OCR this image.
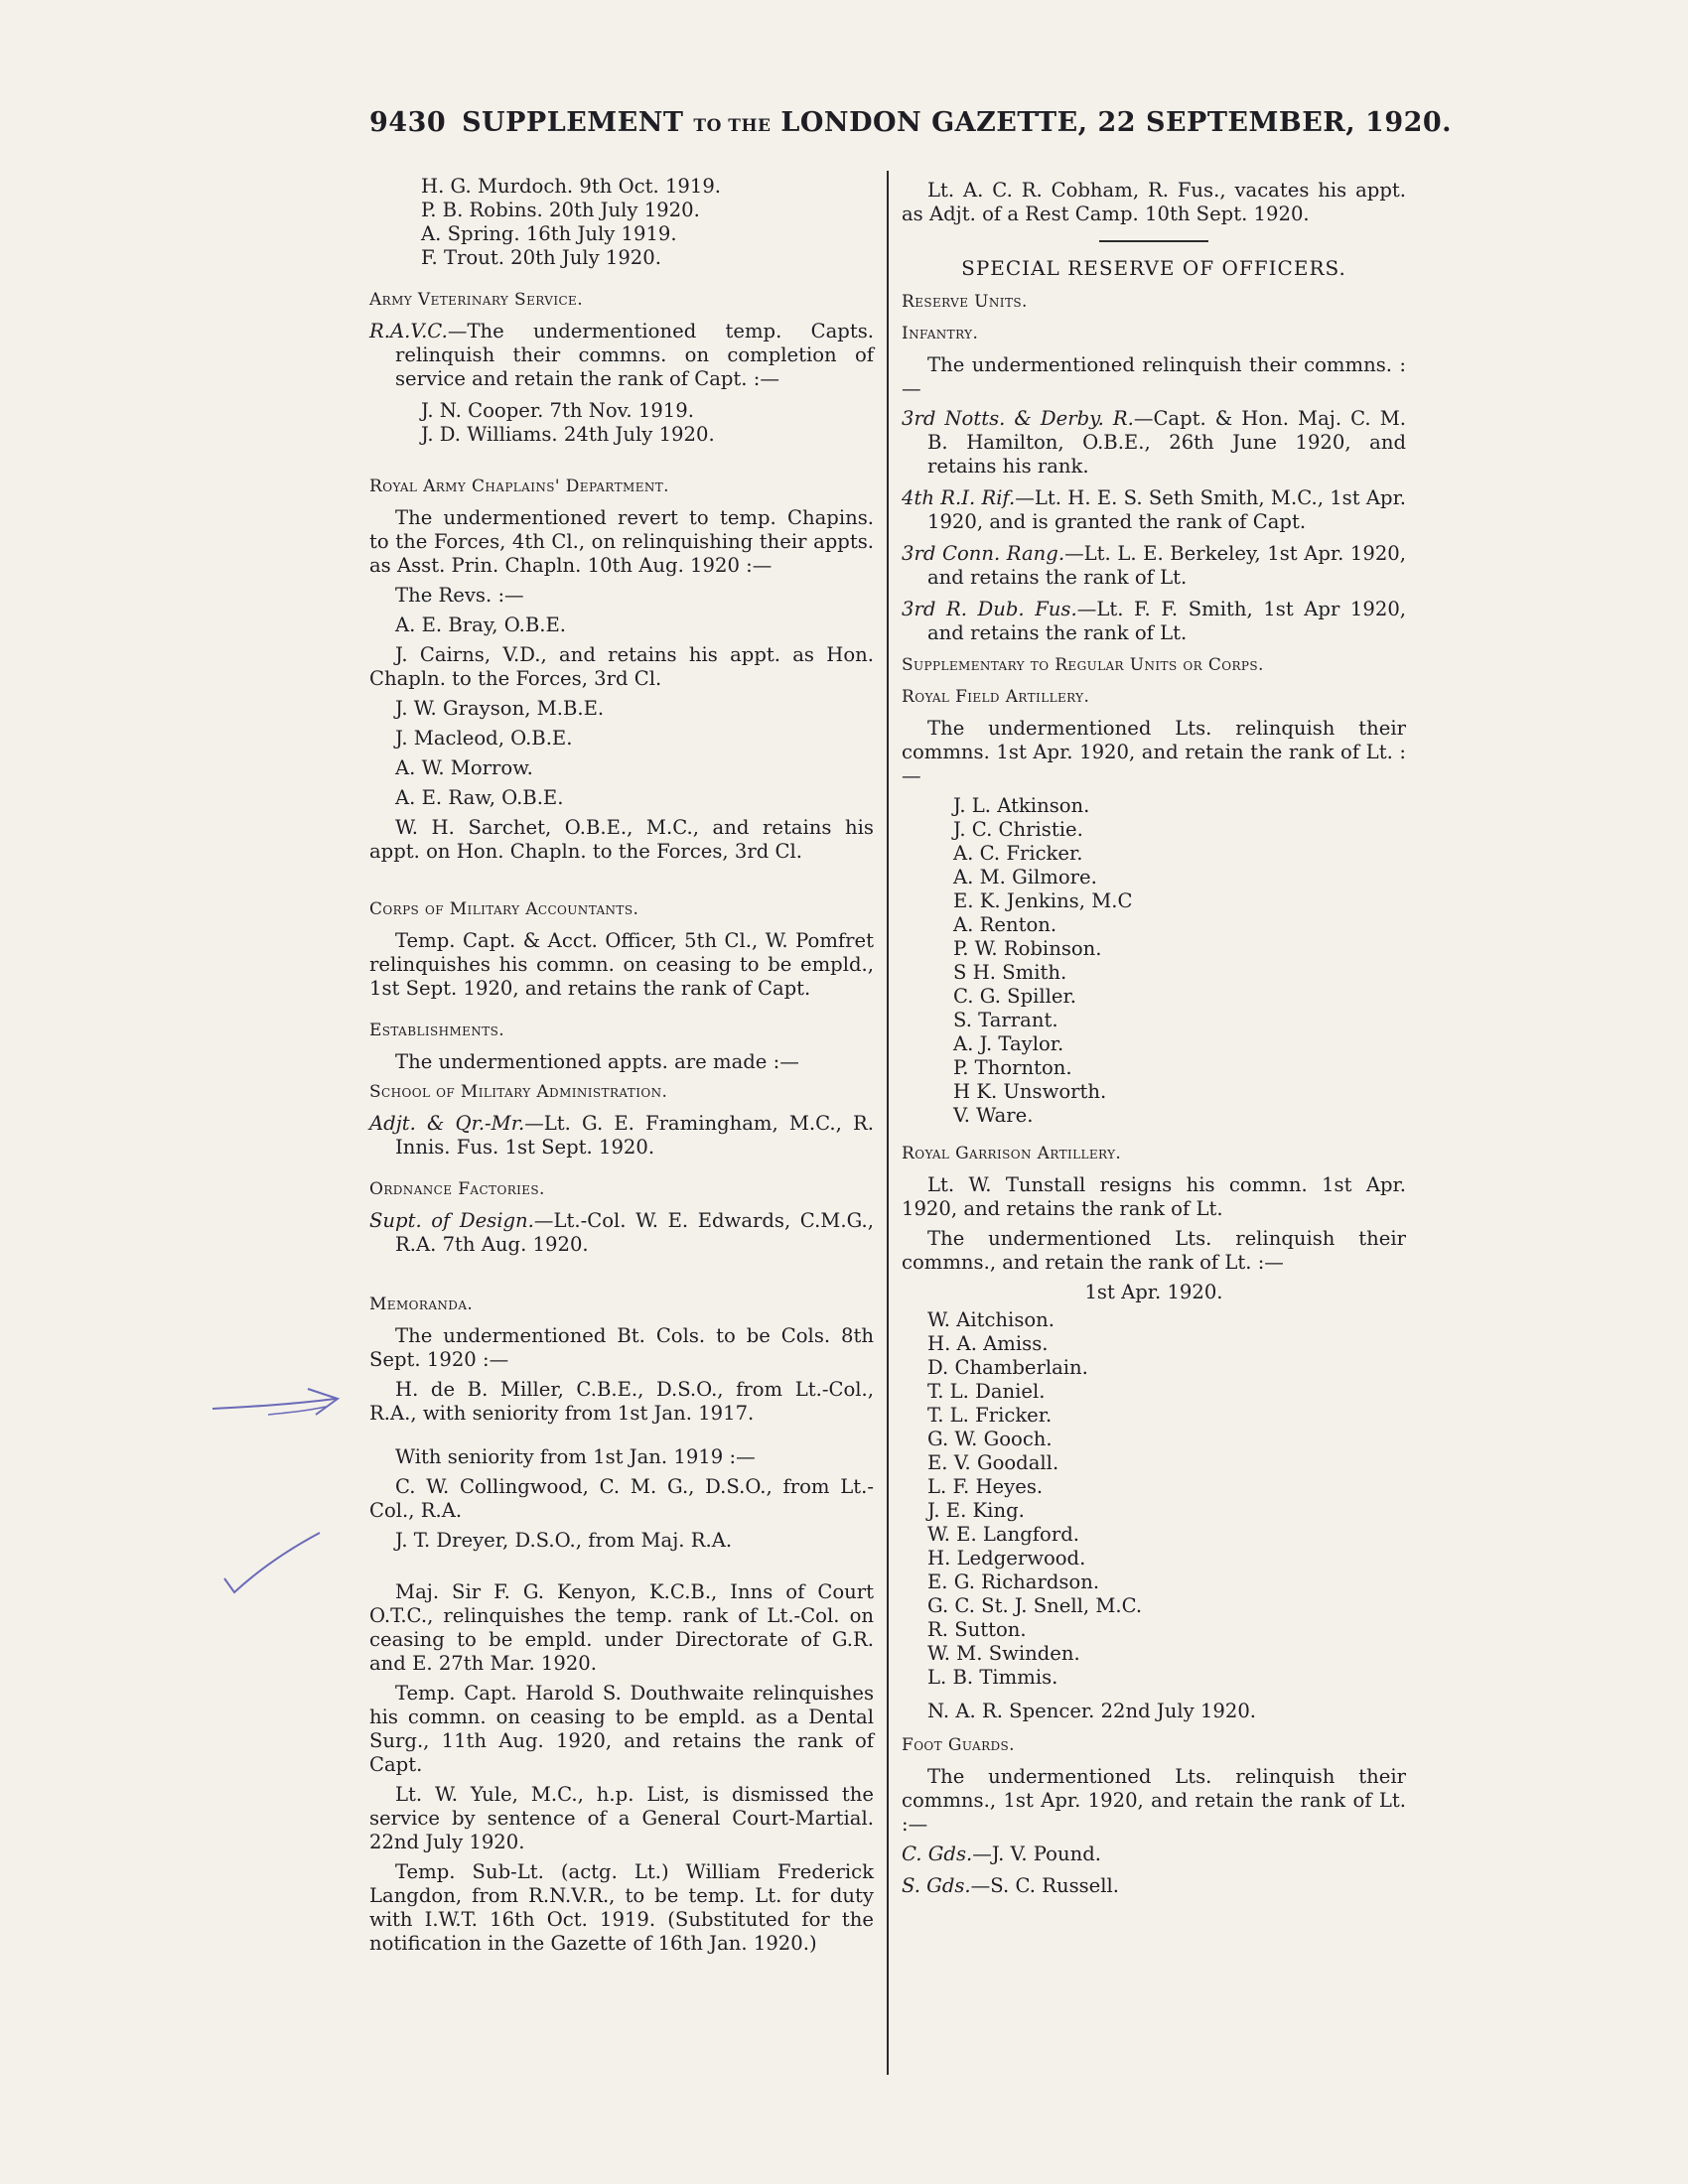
9430 SUPPLEMENT TO THE LONDON GAZETTE, 22 SEPTEMBER, 1920.
H. G. Murdoch. 9th Oct. 1919.
P. B. Robins. 20th July 1920.
A. Spring. 16th July 1919.
F. Trout. 20th July 1920.
Army Veterinary Service.
R.A.V.C.—The undermentioned temp. Capts. relinquish their commns. on completion of service and retain the rank of Capt. :—
J. N. Cooper. 7th Nov. 1919.
J. D. Williams. 24th July 1920.
Royal Army Chaplains' Department.
The undermentioned revert to temp. Chapins. to the Forces, 4th Cl., on relinquishing their appts. as Asst. Prin. Chapln. 10th Aug. 1920 :—
The Revs. :—
A. E. Bray, O.B.E.
J. Cairns, V.D., and retains his appt. as Hon. Chapln. to the Forces, 3rd Cl.
J. W. Grayson, M.B.E.
J. Macleod, O.B.E.
A. W. Morrow.
A. E. Raw, O.B.E.
W. H. Sarchet, O.B.E., M.C., and retains his appt. on Hon. Chapln. to the Forces, 3rd Cl.
Corps of Military Accountants.
Temp. Capt. & Acct. Officer, 5th Cl., W. Pomfret relinquishes his commn. on ceasing to be empld., 1st Sept. 1920, and retains the rank of Capt.
Establishments.
The undermentioned appts. are made :—
School of Military Administration.
Adjt. & Qr.-Mr.—Lt. G. E. Framingham, M.C., R. Innis. Fus. 1st Sept. 1920.
Ordnance Factories.
Supt. of Design.—Lt.-Col. W. E. Edwards, C.M.G., R.A. 7th Aug. 1920.
Memoranda.
The undermentioned Bt. Cols. to be Cols. 8th Sept. 1920 :—
H. de B. Miller, C.B.E., D.S.O., from Lt.-Col., R.A., with seniority from 1st Jan. 1917.
With seniority from 1st Jan. 1919 :—
C. W. Collingwood, C. M. G., D.S.O., from Lt.-Col., R.A.
J. T. Dreyer, D.S.O., from Maj. R.A.
Maj. Sir F. G. Kenyon, K.C.B., Inns of Court O.T.C., relinquishes the temp. rank of Lt.-Col. on ceasing to be empld. under Directorate of G.R. and E. 27th Mar. 1920.
Temp. Capt. Harold S. Douthwaite relinquishes his commn. on ceasing to be empld. as a Dental Surg., 11th Aug. 1920, and retains the rank of Capt.
Lt. W. Yule, M.C., h.p. List, is dismissed the service by sentence of a General Court-Martial. 22nd July 1920.
Temp. Sub-Lt. (actg. Lt.) William Frederick Langdon, from R.N.V.R., to be temp. Lt. for duty with I.W.T. 16th Oct. 1919. (Substituted for the notification in the Gazette of 16th Jan. 1920.)
Lt. A. C. R. Cobham, R. Fus., vacates his appt. as Adjt. of a Rest Camp. 10th Sept. 1920.
SPECIAL RESERVE OF OFFICERS.
Reserve Units.
Infantry.
The undermentioned relinquish their commns. :—
3rd Notts. & Derby. R.—Capt. & Hon. Maj. C. M. B. Hamilton, O.B.E., 26th June 1920, and retains his rank.
4th R.I. Rif.—Lt. H. E. S. Seth Smith, M.C., 1st Apr. 1920, and is granted the rank of Capt.
3rd Conn. Rang.—Lt. L. E. Berkeley, 1st Apr. 1920, and retains the rank of Lt.
3rd R. Dub. Fus.—Lt. F. F. Smith, 1st Apr 1920, and retains the rank of Lt.
Supplementary to Regular Units or Corps.
Royal Field Artillery.
The undermentioned Lts. relinquish their commns. 1st Apr. 1920, and retain the rank of Lt. :—
J. L. Atkinson.
J. C. Christie.
A. C. Fricker.
A. M. Gilmore.
E. K. Jenkins, M.C
A. Renton.
P. W. Robinson.
S H. Smith.
C. G. Spiller.
S. Tarrant.
A. J. Taylor.
P. Thornton.
H K. Unsworth.
V. Ware.
Royal Garrison Artillery.
Lt. W. Tunstall resigns his commn. 1st Apr. 1920, and retains the rank of Lt.
The undermentioned Lts. relinquish their commns., and retain the rank of Lt. :—
1st Apr. 1920.
W. Aitchison.
H. A. Amiss.
D. Chamberlain.
T. L. Daniel.
T. L. Fricker.
G. W. Gooch.
E. V. Goodall.
L. F. Heyes.
J. E. King.
W. E. Langford.
H. Ledgerwood.
E. G. Richardson.
G. C. St. J. Snell, M.C.
R. Sutton.
W. M. Swinden.
L. B. Timmis.
N. A. R. Spencer. 22nd July 1920.
Foot Guards.
The undermentioned Lts. relinquish their commns., 1st Apr. 1920, and retain the rank of Lt. :—
C. Gds.—J. V. Pound.
S. Gds.—S. C. Russell.
